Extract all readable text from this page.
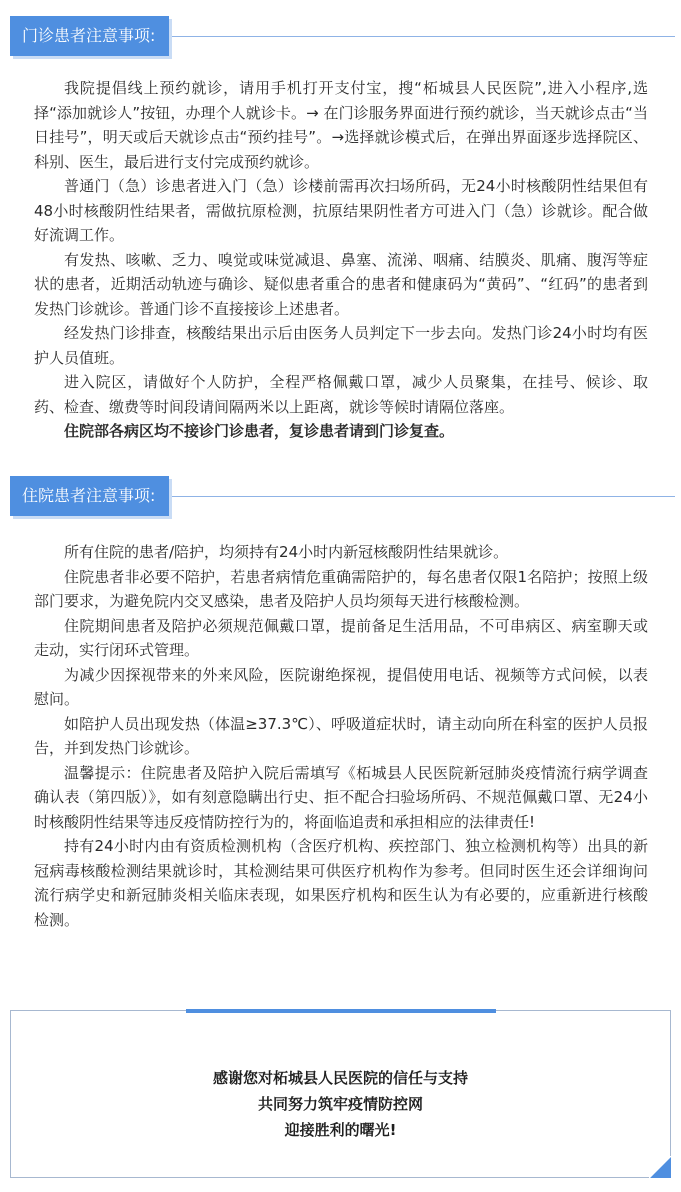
门诊患者注意事项:

我院提倡线上预约就诊，请用手机打开支付宝，搜“柘城县人民医院”,进入小程序,选择“添加就诊人”按钮，办理个人就诊卡。→ 在门诊服务界面进行预约就诊，当天就诊点击“当日挂号”，明天或后天就诊点击“预约挂号”。→选择就诊模式后，在弹出界面逐步选择院区、科别、医生，最后进行支付完成预约就诊。

普通门（急）诊患者进入门（急）诊楼前需再次扫场所码，无24小时核酸阴性结果但有48小时核酸阴性结果者，需做抗原检测，抗原结果阴性者方可进入门（急）诊就诊。配合做好流调工作。

有发热、咳嗽、乏力、嗅觉或味觉减退、鼻塞、流涕、咽痛、结膜炎、肌痛、腹泻等症状的患者，近期活动轨迹与确诊、疑似患者重合的患者和健康码为“黄码”、“红码”的患者到发热门诊就诊。普通门诊不直接接诊上述患者。

经发热门诊排查，核酸结果出示后由医务人员判定下一步去向。发热门诊24小时均有医护人员值班。

进入院区，请做好个人防护，全程严格佩戴口罩，减少人员聚集，在挂号、候诊、取药、检查、缴费等时间段请间隔两米以上距离，就诊等候时请隔位落座。

住院部各病区均不接诊门诊患者，复诊患者请到门诊复查。

住院患者注意事项:

所有住院的患者/陪护，均须持有24小时内新冠核酸阴性结果就诊。

住院患者非必要不陪护，若患者病情危重确需陪护的，每名患者仅限1名陪护；按照上级部门要求，为避免院内交叉感染，患者及陪护人员均须每天进行核酸检测。

住院期间患者及陪护必须规范佩戴口罩，提前备足生活用品，不可串病区、病室聊天或走动，实行闭环式管理。

为减少因探视带来的外来风险，医院谢绝探视，提倡使用电话、视频等方式问候，以表慰问。

如陪护人员出现发热（体温≥37.3℃）、呼吸道症状时，请主动向所在科室的医护人员报告，并到发热门诊就诊。

温馨提示：住院患者及陪护入院后需填写《柘城县人民医院新冠肺炎疫情流行病学调查确认表（第四版）》，如有刻意隐瞒出行史、拒不配合扫验场所码、不规范佩戴口罩、无24小时核酸阴性结果等违反疫情防控行为的，将面临追责和承担相应的法律责任!

持有24小时内由有资质检测机构（含医疗机构、疾控部门、独立检测机构等）出具的新冠病毒核酸检测结果就诊时，其检测结果可供医疗机构作为参考。但同时医生还会详细询问流行病学史和新冠肺炎相关临床表现，如果医疗机构和医生认为有必要的，应重新进行核酸检测。

感谢您对柘城县人民医院的信任与支持
共同努力筑牢疫情防控网
迎接胜利的曙光!
